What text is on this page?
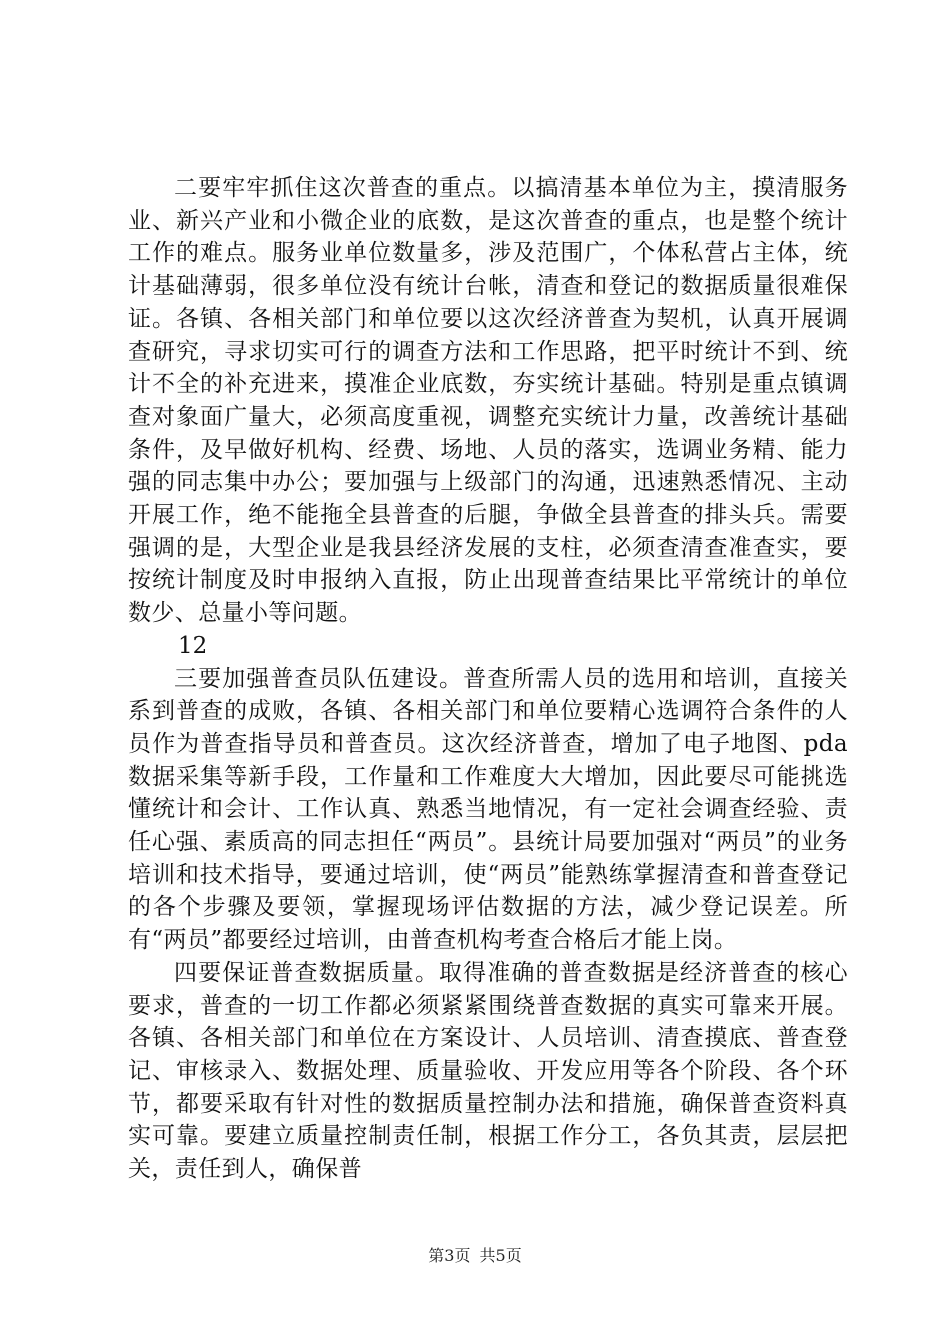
二要牢牢抓住这次普查的重点。以搞清基本单位为主，摸清服务业、新兴产业和小微企业的底数，是这次普查的重点，也是整个统计工作的难点。服务业单位数量多，涉及范围广，个体私营占主体，统计基础薄弱，很多单位没有统计台帐，清查和登记的数据质量很难保证。各镇、各相关部门和单位要以这次经济普查为契机，认真开展调查研究，寻求切实可行的调查方法和工作思路，把平时统计不到、统计不全的补充进来，摸准企业底数，夯实统计基础。特别是重点镇调查对象面广量大，必须高度重视，调整充实统计力量，改善统计基础条件，及早做好机构、经费、场地、人员的落实，选调业务精、能力强的同志集中办公；要加强与上级部门的沟通，迅速熟悉情况、主动开展工作，绝不能拖全县普查的后腿，争做全县普查的排头兵。需要强调的是，大型企业是我县经济发展的支柱，必须查清查准查实，要按统计制度及时申报纳入直报，防止出现普查结果比平常统计的单位数少、总量小等问题。

12

三要加强普查员队伍建设。普查所需人员的选用和培训，直接关系到普查的成败，各镇、各相关部门和单位要精心选调符合条件的人员作为普查指导员和普查员。这次经济普查，增加了电子地图、pda数据采集等新手段，工作量和工作难度大大增加，因此要尽可能挑选懂统计和会计、工作认真、熟悉当地情况，有一定社会调查经验、责任心强、素质高的同志担任“两员”。县统计局要加强对“两员”的业务培训和技术指导，要通过培训，使“两员”能熟练掌握清查和普查登记的各个步骤及要领，掌握现场评估数据的方法，减少登记误差。所有“两员”都要经过培训，由普查机构考查合格后才能上岗。

四要保证普查数据质量。取得准确的普查数据是经济普查的核心要求，普查的一切工作都必须紧紧围绕普查数据的真实可靠来开展。各镇、各相关部门和单位在方案设计、人员培训、清查摸底、普查登记、审核录入、数据处理、质量验收、开发应用等各个阶段、各个环节，都要采取有针对性的数据质量控制办法和措施，确保普查资料真实可靠。要建立质量控制责任制，根据工作分工，各负其责，层层把关，责任到人，确保普

第3页 共5页
